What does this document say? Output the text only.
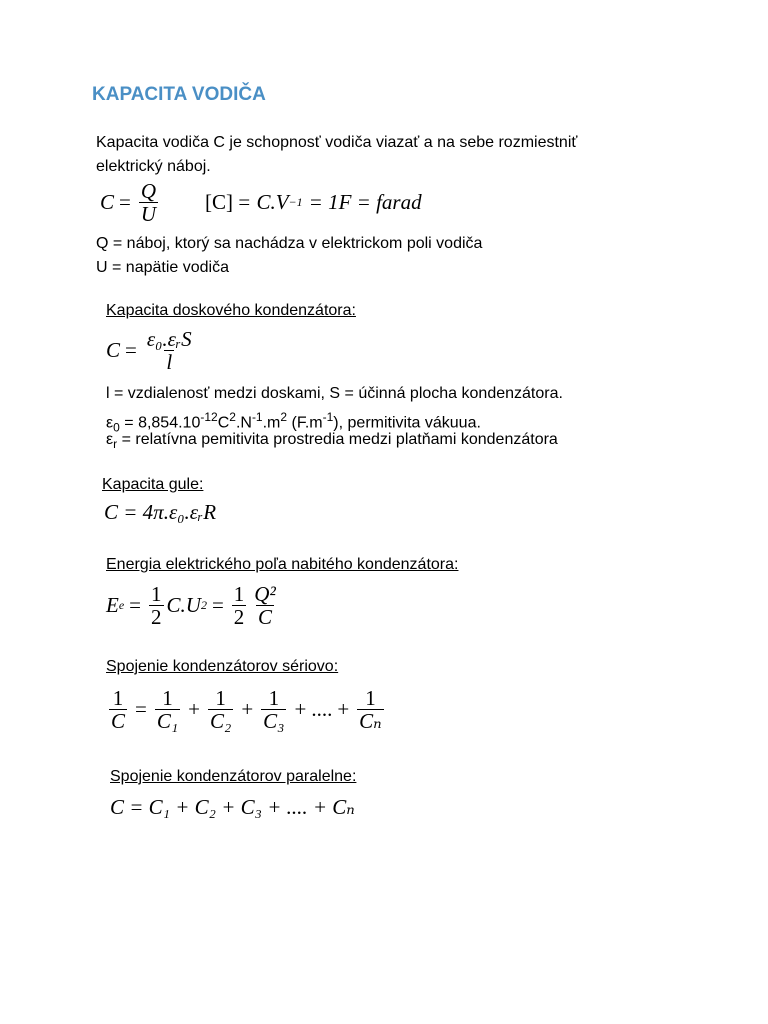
KAPACITA VODIČA
Kapacita vodiča C je schopnosť vodiča viazať a na sebe rozmiestniť
elektrický náboj.
$C = \frac{Q}{U} [C] = C.V -1 = 1F$ = farad
Q = náboj, ktorý sa nachádza v elektrickom poli vodiča
U = napätie vodiča
Kapacita doskového kondenzátora:
$C = \frac{\text{ε₀.εᵣS}}{l}$
l = vzdialenosť medzi doskami, S = účinná plocha kondenzátora.
$\varepsilon_0 = 8,854.10^{-12}C^2.N^{-1}.m^2$ $(F.m^{-1})$, permitivita vákuua.
$\varepsilon_r$ = relatívna pemitivita prostredia medzi platňami kondenzátora
Kapacita gule:
C = 4π.ε₀.εᵣR
Energia elektrického poľa nabitého kondenzátora:
E $e = \frac{1}{2} C.U$ $2 = \frac{1}{2} \frac{\text{Q²}}{C}$
Spojenie kondenzátorov sériovo:
$\frac{1}{C} = \frac{1}{\text{C₁}} + \frac{1}{\text{C₂}} + \frac{1}{\text{C₃}}$ + .... + $\frac{1}{\text{Cₙ}}$
Spojenie kondenzátorov paralelne:
C = C₁ + C₂ + C₃ + .... + Cₙ
